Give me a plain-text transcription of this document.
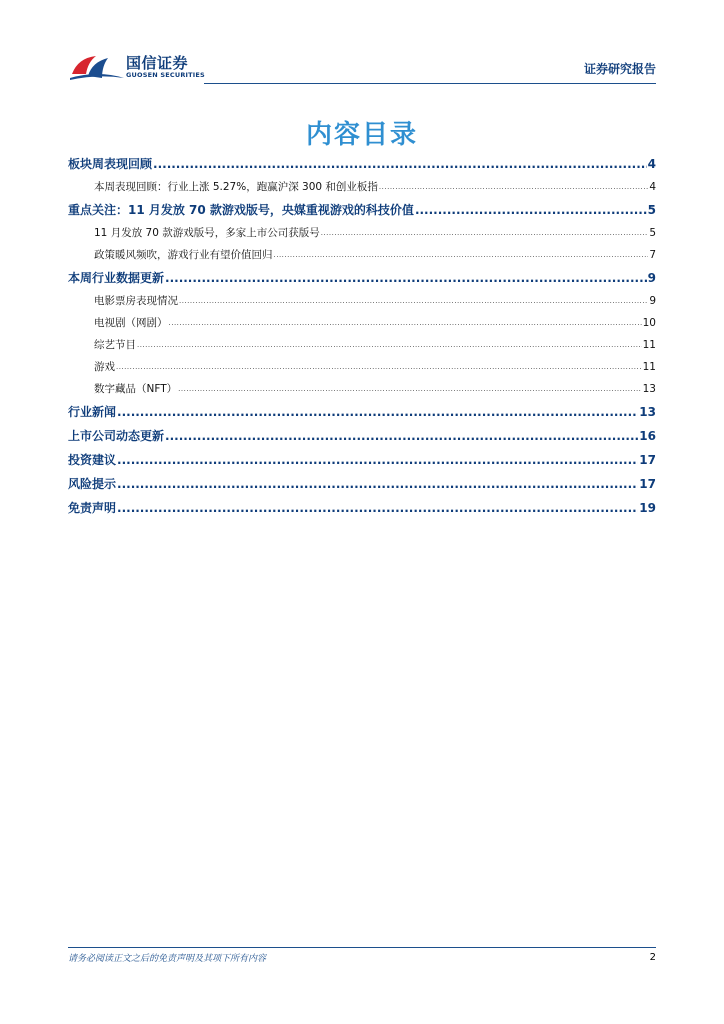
国信证券
GUOSEN SECURITIES	证券研究报告
内容目录
板块周表现回顾 .....	4
本周表现回顾：行业上涨 5.27%，跑赢沪深 300 和创业板指 .....	4
重点关注：11 月发放 70 款游戏版号，央媒重视游戏的科技价值 .....	5
11 月发放 70 款游戏版号，多家上市公司获版号 .....	5
政策暖风频吹，游戏行业有望价值回归 .....	7
本周行业数据更新 .....	9
电影票房表现情况 .....	9
电视剧（网剧） .....	10
综艺节目 .....	11
游戏 .....	11
数字藏品（NFT） .....	13
行业新闻 .....	13
上市公司动态更新 .....	16
投资建议 .....	17
风险提示 .....	17
免责声明 .....	19
请务必阅读正文之后的免责声明及其项下所有内容	2
